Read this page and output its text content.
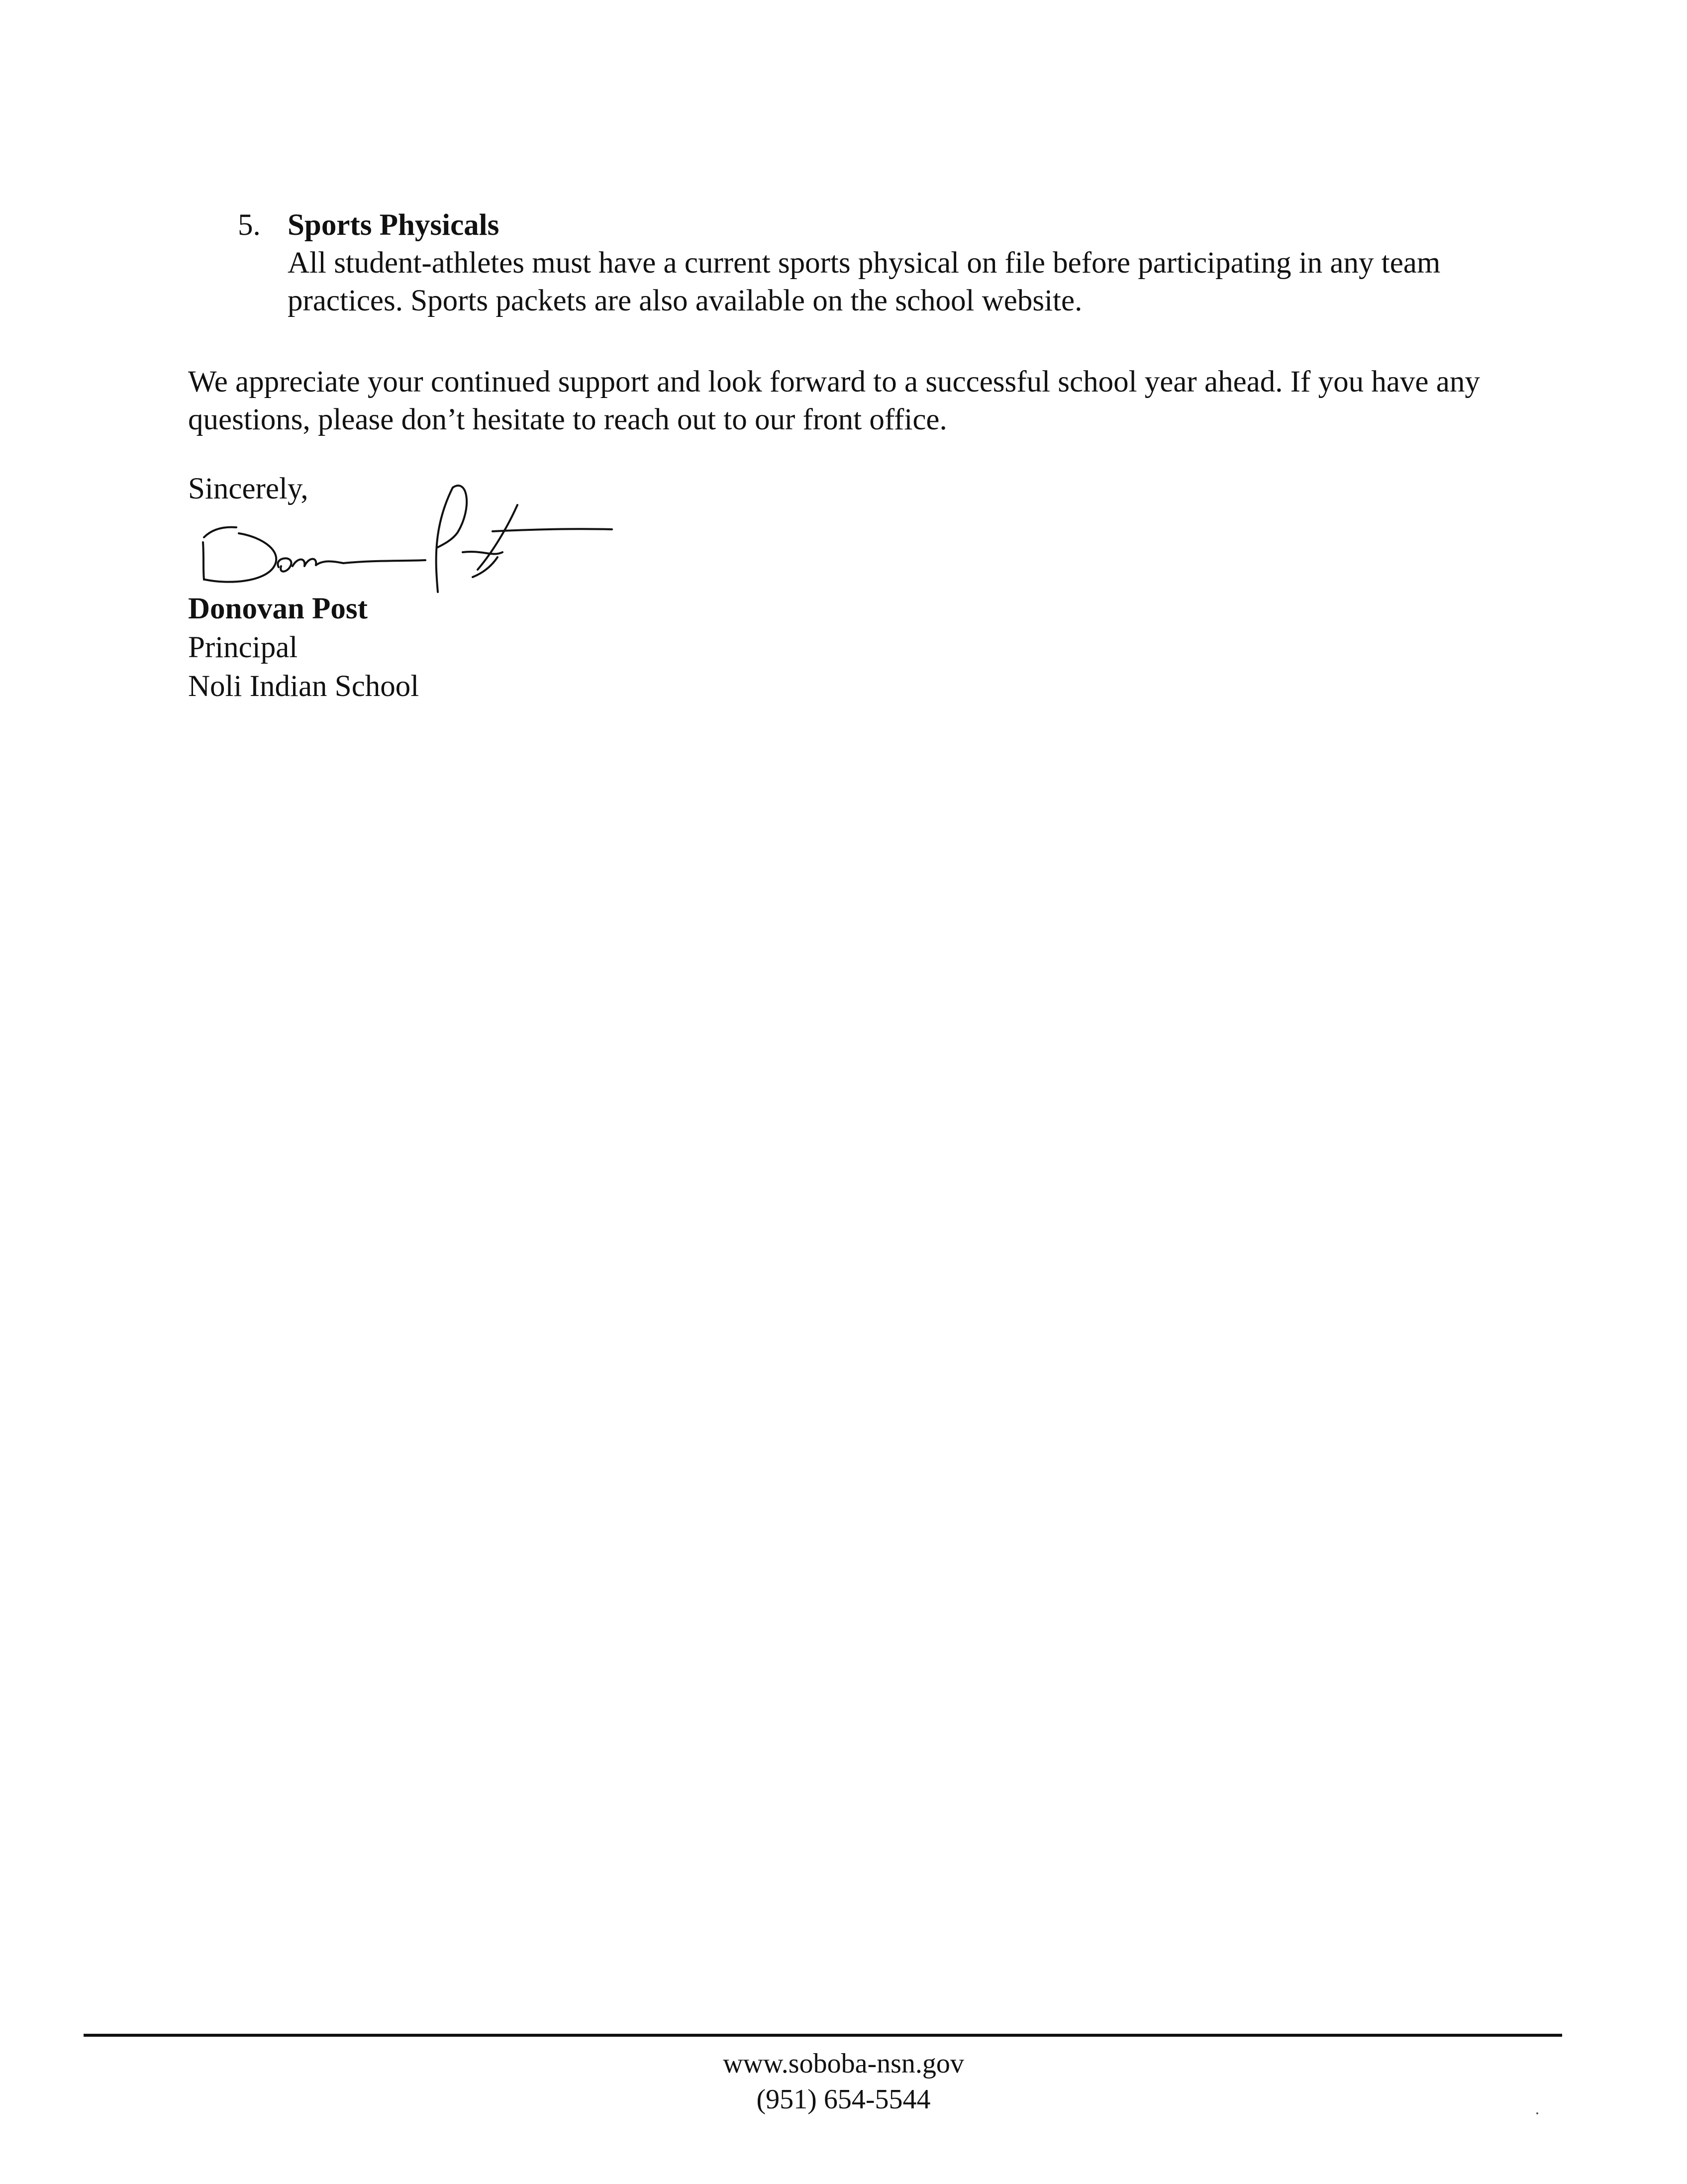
5. Sports Physicals
All student-athletes must have a current sports physical on file before participating in any team practices. Sports packets are also available on the school website.
We appreciate your continued support and look forward to a successful school year ahead. If you have any questions, please don’t hesitate to reach out to our front office.
Sincerely,
Donovan Post
Principal
Noli Indian School
www.soboba-nsn.gov
(951) 654-5544
